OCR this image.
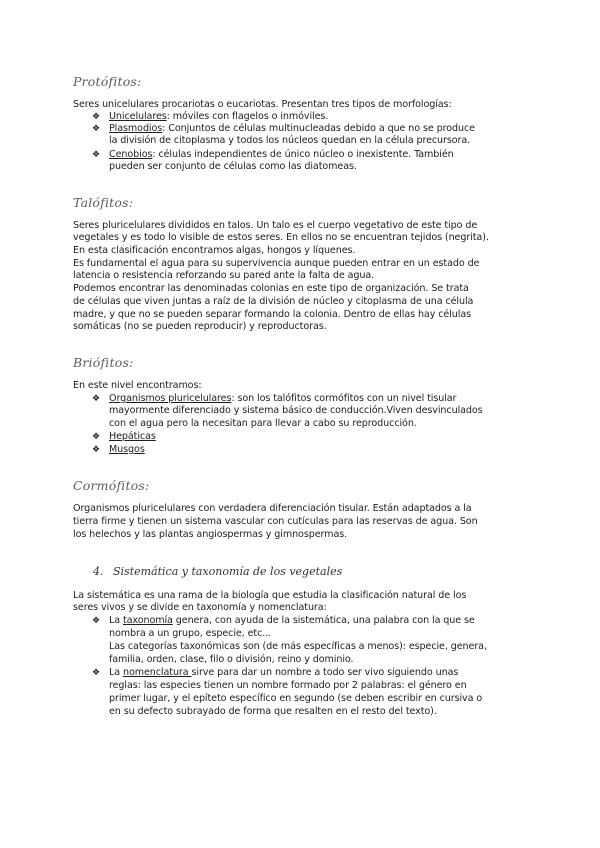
Protófitos:
Seres unicelulares procariotas o eucariotas. Presentan tres tipos de morfologías:
❖ Unicelulares: móviles con flagelos o inmóviles.
❖ Plasmodios: Conjuntos de células multinucleadas debido a que no se produce
la división de citoplasma y todos los núcleos quedan en la célula precursora.
❖ Cenobios: células independientes de único núcleo o inexistente. También
pueden ser conjunto de células como las diatomeas.
Talófitos:
Seres pluricelulares divididos en talos. Un talo es el cuerpo vegetativo de este tipo de
vegetales y es todo lo visible de estos seres. En ellos no se encuentran tejidos (negrita).
En esta clasificación encontramos algas, hongos y líquenes.
Es fundamental el agua para su supervivencia aunque pueden entrar en un estado de
latencia o resistencia reforzando su pared ante la falta de agua.
Podemos encontrar las denominadas colonias en este tipo de organización. Se trata
de células que viven juntas a raíz de la división de núcleo y citoplasma de una célula
madre, y que no se pueden separar formando la colonia. Dentro de ellas hay células
somáticas (no se pueden reproducir) y reproductoras.
Briófitos:
En este nivel encontramos:
❖ Organismos pluricelulares: son los talófitos cormófitos con un nivel tisular
mayormente diferenciado y sistema básico de conducción.Viven desvinculados
con el agua pero la necesitan para llevar a cabo su reproducción.
❖ Hepáticas
❖ Musgos
Cormófitos:
Organismos pluricelulares con verdadera diferenciación tisular. Están adaptados a la
tierra firme y tienen un sistema vascular con cutículas para las reservas de agua. Son
los helechos y las plantas angiospermas y gimnospermas.
4. Sistemática y taxonomía de los vegetales
La sistemática es una rama de la biología que estudia la clasificación natural de los
seres vivos y se divide en taxonomía y nomenclatura:
❖ La taxonomía genera, con ayuda de la sistemática, una palabra con la que se
nombra a un grupo, especie, etc...
Las categorías taxonómicas son (de más específicas a menos): especie, genera,
familia, orden, clase, filo o división, reino y dominio.
❖ La nomenclatura sirve para dar un nombre a todo ser vivo siguiendo unas
reglas: las especies tienen un nombre formado por 2 palabras: el género en
primer lugar, y el epíteto específico en segundo (se deben escribir en cursiva o
en su defecto subrayado de forma que resalten en el resto del texto).
